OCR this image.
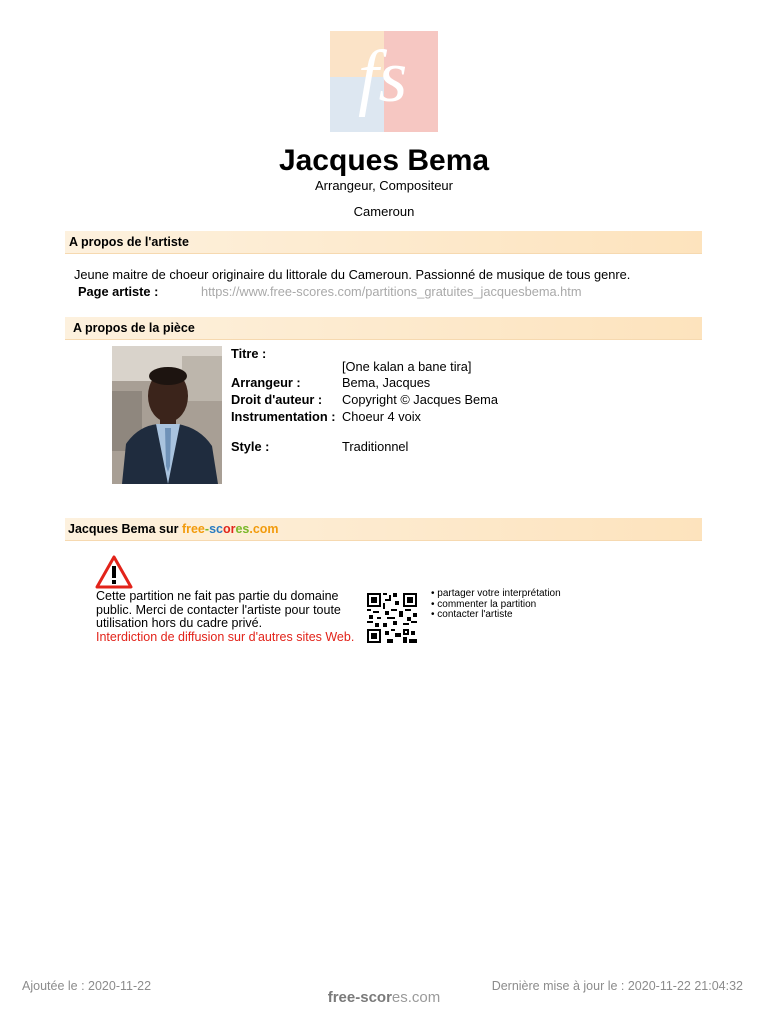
fs
Jacques Bema
Arrangeur, Compositeur
Cameroun
A propos de l'artiste
Jeune maitre de choeur originaire du littorale du Cameroun. Passionné de musique de tous genre.
Page artiste :	https://www.free-scores.com/partitions_gratuites_jacquesbema.htm
A propos de la pièce
Titre :
[One kalan a bane tira]
Arrangeur :	Bema, Jacques
Droit d'auteur : Copyright © Jacques Bema
Instrumentation : Choeur 4 voix
Style :	Traditionnel
Jacques Bema sur free-scores.com
Cette partition ne fait pas partie du domaine public. Merci de contacter l'artiste pour toute utilisation hors du cadre privé.
Interdiction de diffusion sur d'autres sites Web.
• partager votre interprétation
• commenter la partition
• contacter l'artiste
Ajoutée le : 2020-11-22	Dernière mise à jour le : 2020-11-22 21:04:32
free-scores.com
